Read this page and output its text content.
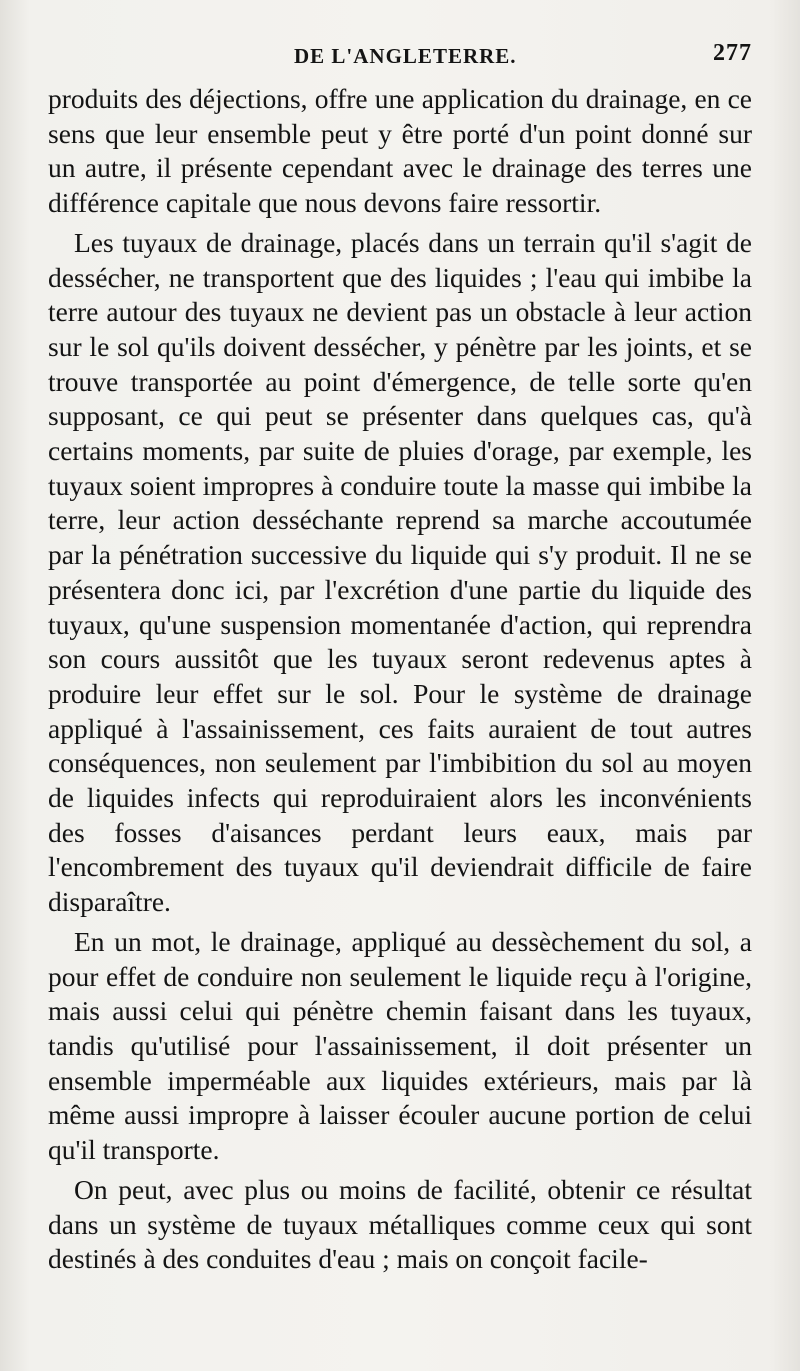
DE L'ANGLETERRE.	277

produits des déjections, offre une application du drainage, en ce sens que leur ensemble peut y être porté d'un point donné sur un autre, il présente cependant avec le drainage des terres une différence capitale que nous devons faire ressortir.

Les tuyaux de drainage, placés dans un terrain qu'il s'agit de dessécher, ne transportent que des liquides ; l'eau qui imbibe la terre autour des tuyaux ne devient pas un obstacle à leur action sur le sol qu'ils doivent dessécher, y pénètre par les joints, et se trouve transportée au point d'émergence, de telle sorte qu'en supposant, ce qui peut se présenter dans quelques cas, qu'à certains moments, par suite de pluies d'orage, par exemple, les tuyaux soient impropres à conduire toute la masse qui imbibe la terre, leur action desséchante reprend sa marche accoutumée par la pénétration successive du liquide qui s'y produit. Il ne se présentera donc ici, par l'excrétion d'une partie du liquide des tuyaux, qu'une suspension momentanée d'action, qui reprendra son cours aussitôt que les tuyaux seront redevenus aptes à produire leur effet sur le sol. Pour le système de drainage appliqué à l'assainissement, ces faits auraient de tout autres conséquences, non seulement par l'imbibition du sol au moyen de liquides infects qui reproduiraient alors les inconvénients des fosses d'aisances perdant leurs eaux, mais par l'encombrement des tuyaux qu'il deviendrait difficile de faire disparaître.

En un mot, le drainage, appliqué au dessèchement du sol, a pour effet de conduire non seulement le liquide reçu à l'origine, mais aussi celui qui pénètre chemin faisant dans les tuyaux, tandis qu'utilisé pour l'assainissement, il doit présenter un ensemble imperméable aux liquides extérieurs, mais par là même aussi impropre à laisser écouler aucune portion de celui qu'il transporte.

On peut, avec plus ou moins de facilité, obtenir ce résultat dans un système de tuyaux métalliques comme ceux qui sont destinés à des conduites d'eau ; mais on conçoit facile-
